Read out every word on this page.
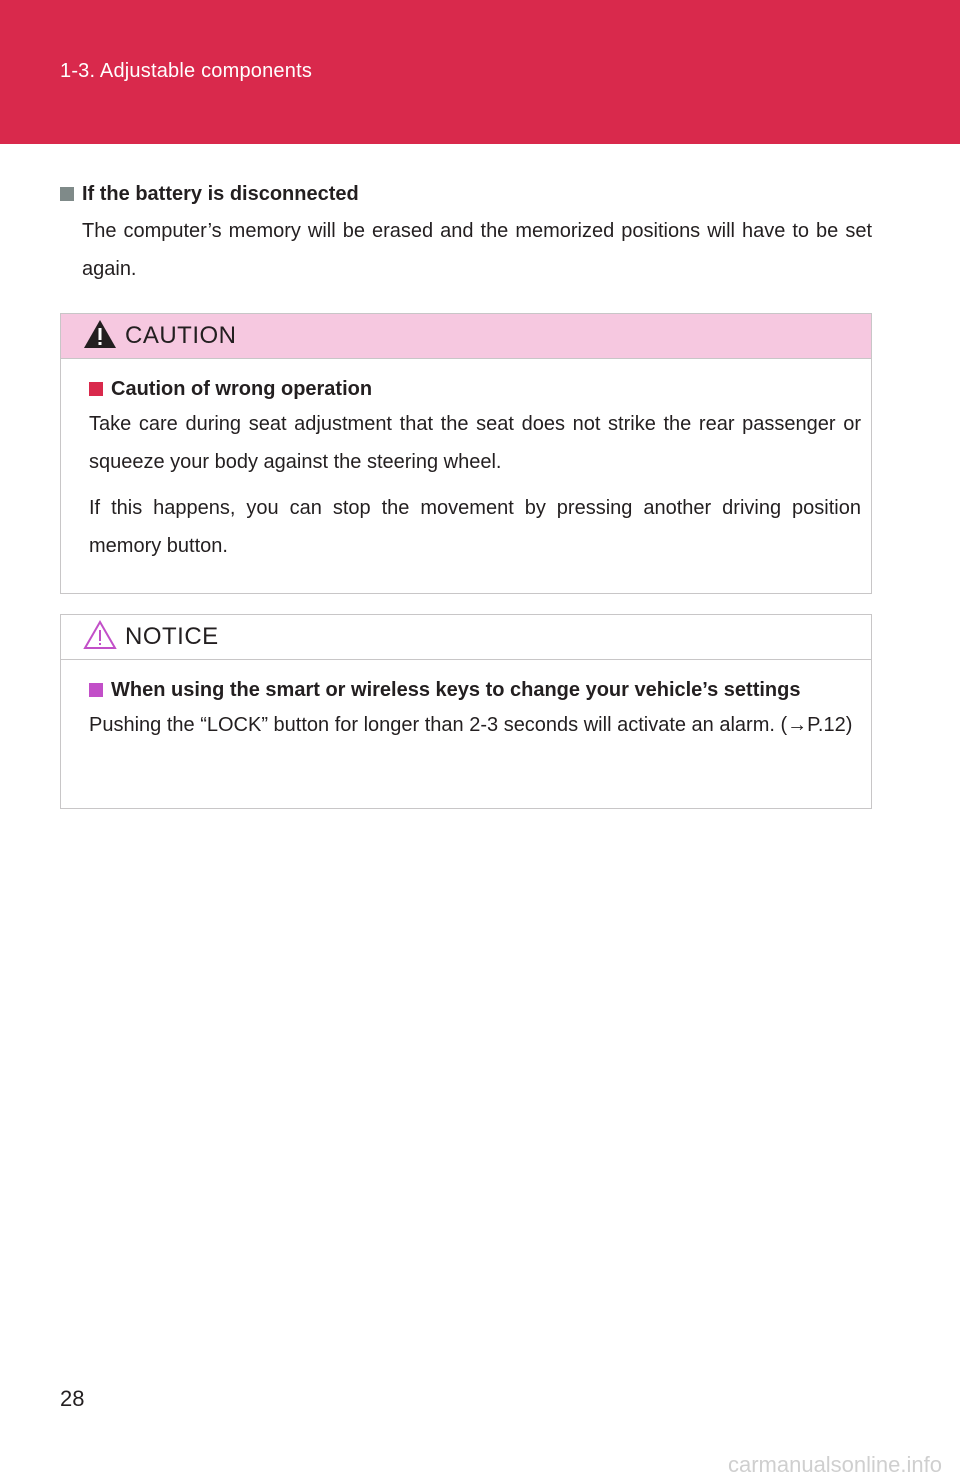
1-3. Adjustable components
If the battery is disconnected
The computer’s memory will be erased and the memorized positions will have to be set again.
CAUTION
Caution of wrong operation
Take care during seat adjustment that the seat does not strike the rear passenger or squeeze your body against the steering wheel.
If this happens, you can stop the movement by pressing another driving position memory button.
NOTICE
When using the smart or wireless keys to change your vehicle’s settings
Pushing the “LOCK” button for longer than 2-3 seconds will activate an alarm. (→P.12)
28
carmanualsonline.info
